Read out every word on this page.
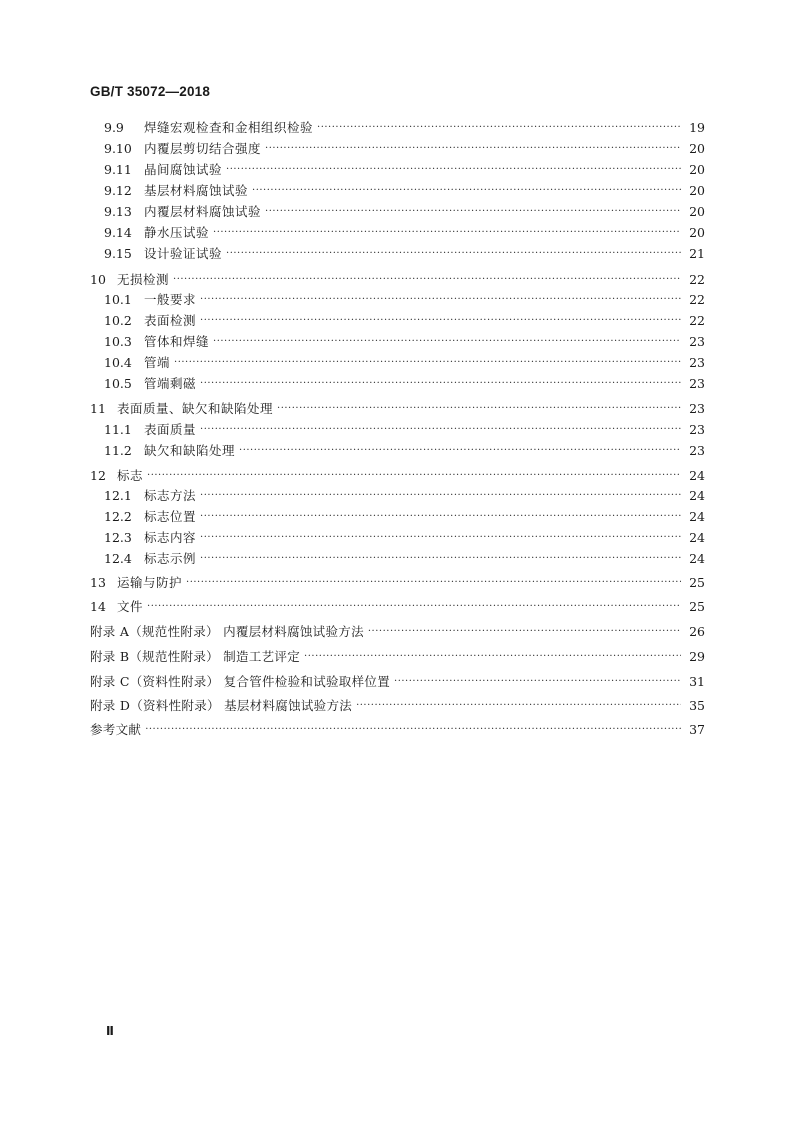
GB/T 35072—2018
9.9	焊缝宏观检查和金相组织检验 ·····	19
9.10 内覆层剪切结合强度 ·····	20
9.11 晶间腐蚀试验 ·····	20
9.12 基层材料腐蚀试验 ·····	20
9.13 内覆层材料腐蚀试验 ·····	20
9.14 静水压试验 ·····	20
9.15 设计验证试验 ·····	21
10 无损检测 ·····	22
10.1 一般要求 ·····	22
10.2 表面检测 ·····	22
10.3 管体和焊缝 ·····	23
10.4 管端 ·····	23
10.5 管端剩磁 ·····	23
11 表面质量、缺欠和缺陷处理 ·····	23
11.1 表面质量 ·····	23
11.2 缺欠和缺陷处理 ·····	23
12 标志 ·····	24
12.1 标志方法 ·····	24
12.2 标志位置 ·····	24
12.3 标志内容 ·····	24
12.4 标志示例 ·····	24
13 运输与防护 ·····	25
14 文件 ·····	25
附录 A（规范性附录） 内覆层材料腐蚀试验方法 ·····	26
附录 B（规范性附录） 制造工艺评定 ·····	29
附录 C（资料性附录） 复合管件检验和试验取样位置 ·····	31
附录 D（资料性附录） 基层材料腐蚀试验方法 ·····	35
参考文献 ·····	37
Ⅱ
